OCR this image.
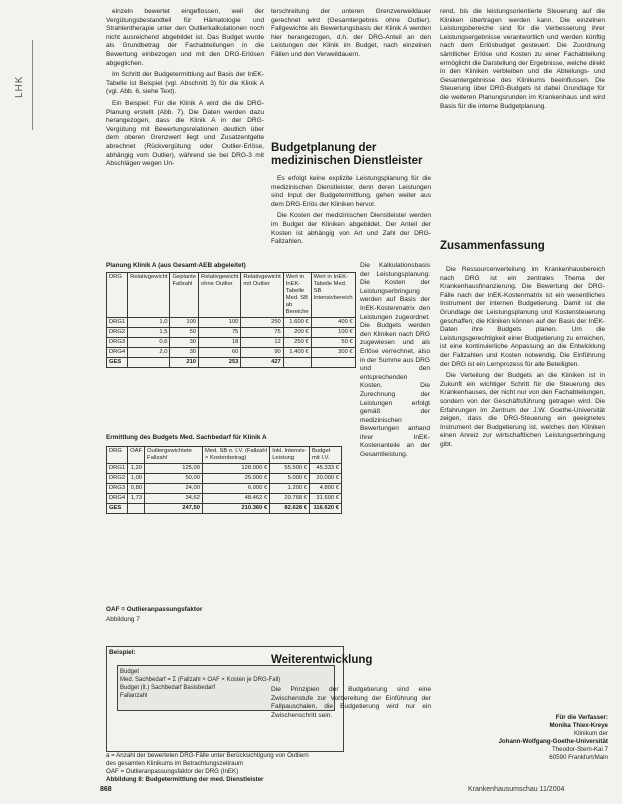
LHK

einzeln bewertet eingeflossen, weil der Vergütungsbestandteil für Hämatologie und Strahlentherapie unter den Outlierkalkulationen noch nicht ausreichend abgebildet ist. Das Budget wurde als Grundbetrag der Fachabteilungen in die Bewertung einbezogen und mit den DRG-Erlösen abgeglichen.

Im Schritt der Budgetermittlung auf Basis der InEK-Tabelle ist Beispiel (vgl. Abschnitt 3) für die Klinik A (vgl. Abb. 6, siehe Text).

Ein Beispiel: Für die Klinik A wird die die DRG-Planung erstellt (Abb. 7). Die Daten werden dazu herangezogen, dass die Klinik A in der DRG-Vergütung mit Bewertungsrelationen deutlich über dem oberen Grenzwert liegt und Zusatzentgelte abrechnet (Rückvergütung oder Outlier-Erlöse, abhängig vom Outlier), während sie bei DRG-3 mit Abschlägen wegen Un-

Planung Klinik A (aus Gesamt-AEB abgeleitet)
DRG	Relativgewicht	Geplante Fallzahl	Relativgewicht ohne Outlier	Relativgewicht mit Outlier	Wert in InEK-Tabelle Med. SB ab Bereiche	Wert in InEK-Tabelle Med. SB Intensivbereich
DRG1	1,0	100	100	250	1.600 €	400 €
DRG2	1,5	50	75	75	200 €	100 €
DRG3	0,6	30	18	12	250 €	50 €
DRG4	2,0	30	60	90	1.400 €	300 €
GES		210	253	427		
Ermittlung des Budgets Med. Sachbedarf für Klinik A
DRG	OAF	Outliergewichtete Fallzahl	Med. SB o. I.V. (Fallzahl × Kostenbetrag)	Inkl. Intensiv-Leistung	Budget mit I.V.
DRG1	1,20	125,00	128.000 €	55.500 €	45.333 €
DRG2	1,00	50,00	25.000 €	5.000 €	20.000 €
DRG3	0,80	24,00	6.000 €	1.200 €	4.800 €
DRG4	1,73	34,62	48.462 €	20.768 €	31.600 €
GES		247,50	210.360 €	82.628 €	116.620 €
OAF = Outlieranpassungsfaktor
Abbildung 7
Beispiel:
Budget
Med. Sachbedarf = Σ (Fallzahl × OAF × Kosten je DRG-Fall)
Budget (lt.) Sachbedarf Basisbedarf
Fallanzahl
a = Anzahl der bewerteten DRG-Fälle unter Berücksichtigung von Outliern
des gesamten Klinikums im Betrachtungszeitraum
OAF = Outlieranpassungsfaktor der DRG (InEK)
Abbildung 8: Budgetermittlung der med. Dienstleister

terschreitung der unteren Grenzverweildauer gerechnet wird (Gesamtergebnis ohne Outlier). Fallgewichte als Bewertungsbasis der Klinik A werden hier herangezogen, d.h. der DRG-Anteil an den Leistungen der Klinik im Budget, nach einzelnen Fällen und den Verweildauern.

Budgetplanung der medizinischen Dienstleister

Es erfolgt keine explizite Leistungsplanung für die medizinischen Dienstleister, denn deren Leistungen sind Input der Budgetermittlung, gehen weiter aus dem DRG-Erlös der Kliniken hervor.

Die Kosten der medizinischen Dienstleister werden im Budget der Kliniken abgebildet. Der Anteil der Kosten ist abhängig von Art und Zahl der DRG-Fallzahlen.

Die Kalkulationsbasis der Leistungsplanung: Die Kosten der Leistungserbringung werden auf Basis der InEK-Kostenmatrix den Leistungen zugeordnet. Die Budgets werden den Kliniken nach DRG zugewiesen und als Erlöse verrechnet, also in der Summe aus DRG und den entsprechenden Kosten. Die Zurechnung der Leistungen erfolgt gemäß der medizinischen Bewertungen anhand ihrer InEK-Kostenanteile an der Gesamtleistung.

Weiterentwicklung
Die Prinzipien der Budgetierung sind eine Zwischenstufe zur Vorbereitung der Einführung der Fallpauschalen, die Budgetierung wird nur ein Zwischenschritt sein.

rend, bis die leistungsorientierte Steuerung auf die Kliniken übertragen werden kann. Die einzelnen Leistungsbereiche sind für die Verbesserung ihrer Leistungsergebnisse verantwortlich und werden künftig nach dem Erlösbudget gesteuert. Die Zuordnung sämtlicher Erlöse und Kosten zu einer Fachabteilung ermöglicht die Darstellung der Ergebnisse, welche direkt in den Kliniken verbleiben und die Abteilungs- und Gesamtergebnisse des Klinikums beeinflussen. Die Steuerung über DRG-Budgets ist dabei Grundlage für die weiteren Planungsrunden im Krankenhaus und wird Basis für die interne Budgetplanung.

Zusammenfassung

Die Ressourcenverteilung im Krankenhausbereich nach DRG ist ein zentrales Thema der Krankenhausfinanzierung. Die Bewertung der DRG-Fälle nach der InEK-Kostenmatrix ist ein wesentliches Instrument der internen Budgetierung. Damit ist die Grundlage der Leistungsplanung und Kostensteuerung geschaffen; die Kliniken können auf der Basis der InEK-Daten ihre Budgets planen. Um die Leistungsgerechtigkeit einer Budgetierung zu erreichen, ist eine kontinuierliche Anpassung an die Entwicklung der Fallzahlen und Kosten notwendig. Die Einführung der DRG ist ein Lernprozess für alle Beteiligten.

Die Verteilung der Budgets an die Kliniken ist in Zukunft ein wichtiger Schritt für die Steuerung des Krankenhauses, der nicht nur von den Fachabteilungen, sondern von der Geschäftsführung getragen wird. Die Erfahrungen im Zentrum der J.W. Goethe-Universität zeigen, dass die DRG-Steuerung ein geeignetes Instrument der Budgetierung ist, welches den Kliniken einen Anreiz zur wirtschaftlichen Leistungserbringung gibt.

Für die Verfasser:
Monika Thiex-Kreye
Klinikum der
Johann-Wolfgang-Goethe-Universität
Theodor-Stern-Kai 7
60590 Frankfurt/Main
868	Krankenhausumschau 11/2004
